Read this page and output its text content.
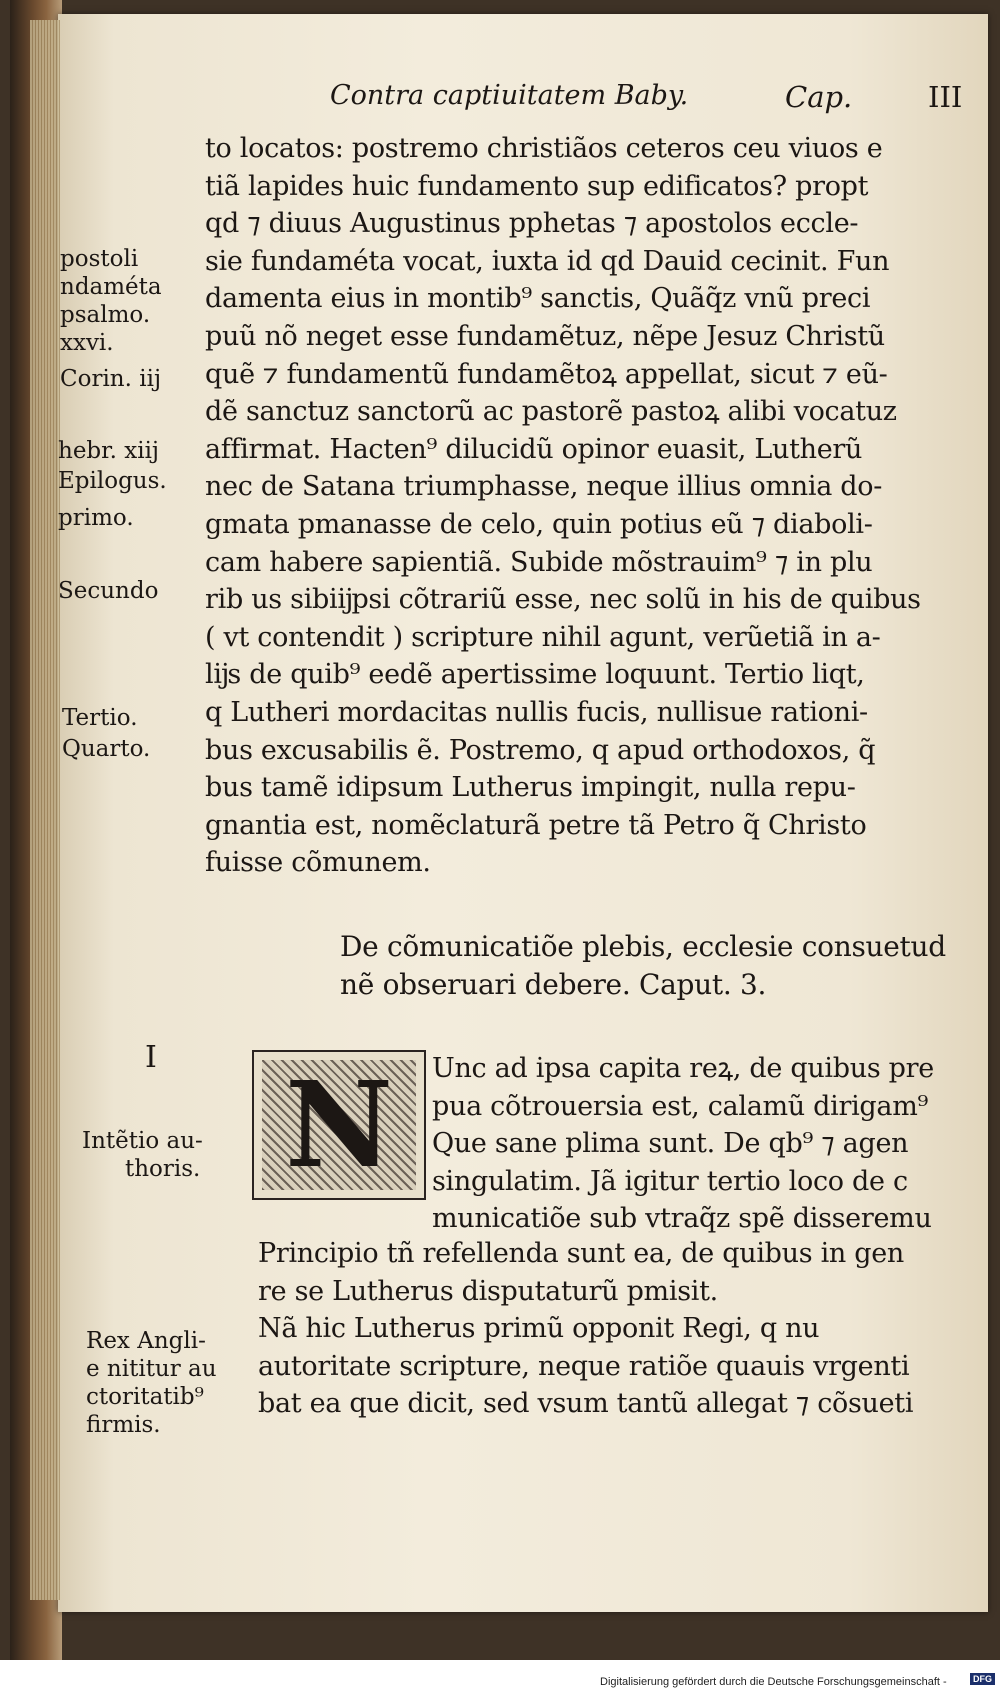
Contra captiuitatem Baby.	Cap.	III
to locatos: postremo christiãos ceteros ceu viuos e
tiã lapides huic fundamento sup edificatos? propt
qd ⁊ diuus Augustinus pphetas ⁊ apostolos eccle-
sie fundaméta vocat, iuxta id qd Dauid cecinit. Fun
damenta eius in montib⁹ sanctis, Quãq̃z vnũ preci
puũ nõ neget esse fundamẽtuz, nẽpe Jesuz Christũ
quẽ ⁊ fundamentũ fundamẽtoꝝ appellat, sicut ⁊ eũ-
dẽ sanctuz sanctorũ ac pastorẽ pastoꝝ alibi vocatuz
affirmat. Hacten⁹ dilucidũ opinor euasit, Lutherũ
nec de Satana triumphasse, neque illius omnia do-
gmata pmanasse de celo, quin potius eũ ⁊ diaboli-
cam habere sapientiã. Subide mõstrauim⁹ ⁊ in plu
rib us sibiĳpsi cõtrariũ esse, nec solũ in his de quibus
( vt contendit ) scripture nihil agunt, verũetiã in a-
lĳs de quib⁹ eedẽ apertissime loquunt. Tertio liqt,
q Lutheri mordacitas nullis fucis, nullisue rationi-
bus excusabilis ẽ. Postremo, q apud orthodoxos, q̃
bus tamẽ idipsum Lutherus impingit, nulla repu-
gnantia est, nomẽclaturã petre tã Petro q̃ Christo
fuisse cõmunem.
postoli
ndaméta
psalmo.
xxvi.
Corin. iij
hebr. xiij
Epilogus.
primo.
Secundo
Tertio.
Quarto.
De cõmunicatiõe plebis, ecclesie consuetud
nẽ obseruari debere. Caput. 3.
I
Intẽtio au-
thoris. N	Unc ad ipsa capita reꝝ, de quibus pre
pua cõtrouersia est, calamũ dirigam⁹
Que sane plima sunt. De qb⁹ ⁊ agen
singulatim. Jã igitur tertio loco de c
municatiõe sub vtraq̃z spẽ disseremu
Principio tñ refellenda sunt ea, de quibus in gen
re se Lutherus disputaturũ pmisit.
Nã hic Lutherus primũ opponit Regi, q nu
autoritate scripture, neque ratiõe quauis vrgenti
bat ea que dicit, sed vsum tantũ allegat ⁊ cõsueti
Rex Angli-
e nititur au
ctoritatib⁹
firmis.
Digitalisierung gefördert durch die Deutsche Forschungsgemeinschaft -	DFG
